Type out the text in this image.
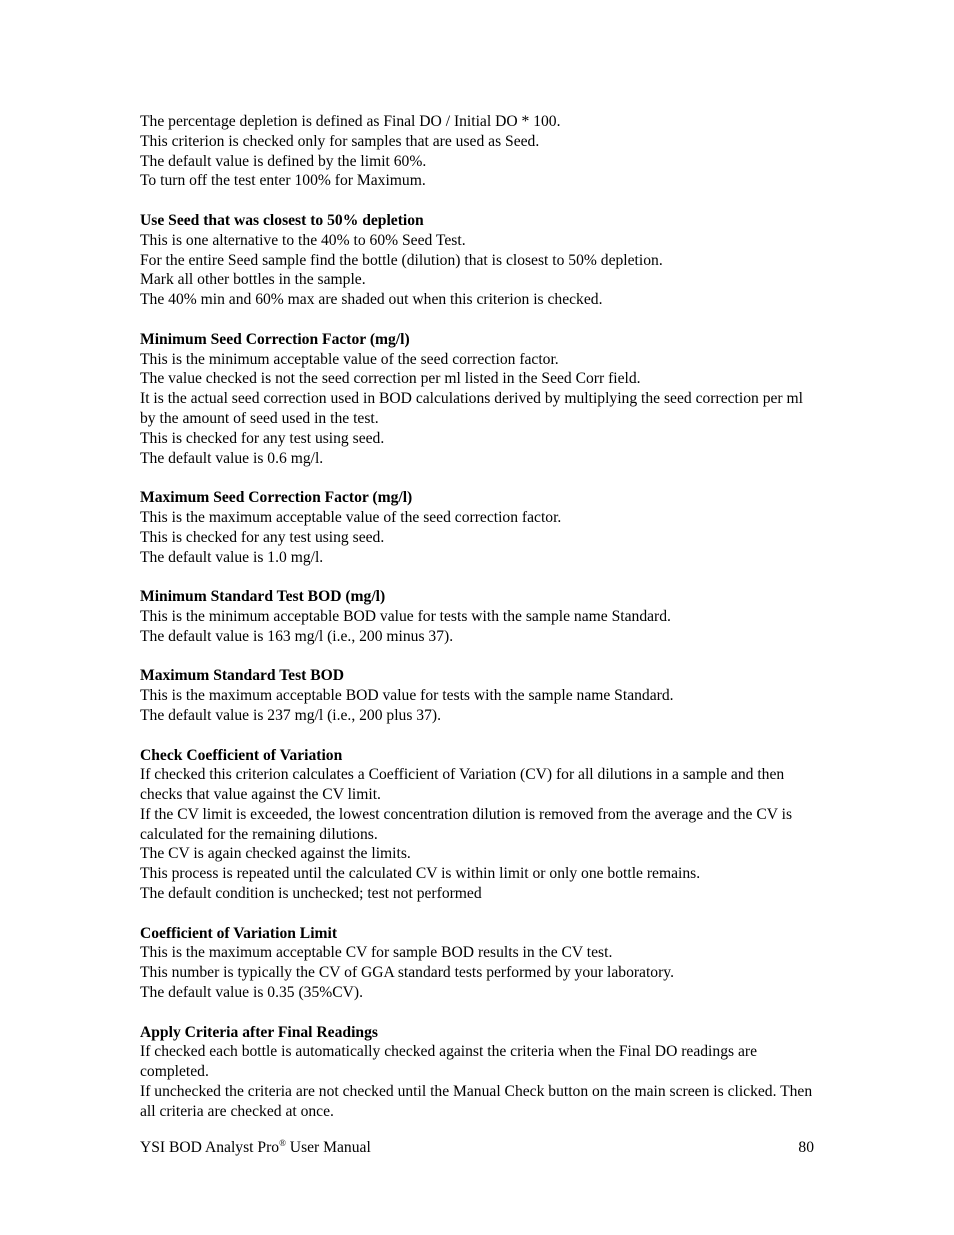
The percentage depletion is defined as Final DO / Initial DO * 100.

This criterion is checked only for samples that are used as Seed.

The default value is defined by the limit 60%.

To turn off the test enter 100% for Maximum.

Use Seed that was closest to 50% depletion

This is one alternative to the 40% to 60% Seed Test.

For the entire Seed sample find the bottle (dilution) that is closest to 50% depletion.

Mark all other bottles in the sample.

The 40% min and 60% max are shaded out when this criterion is checked.

Minimum Seed Correction Factor (mg/l)

This is the minimum acceptable value of the seed correction factor.

The value checked is not the seed correction per ml listed in the Seed Corr field.

It is the actual seed correction used in BOD calculations derived by multiplying the seed correction per ml by the amount of seed used in the test.

This is checked for any test using seed.

The default value is 0.6 mg/l.

Maximum Seed Correction Factor (mg/l)

This is the maximum acceptable value of the seed correction factor.

This is checked for any test using seed.

The default value is 1.0 mg/l.

Minimum Standard Test BOD (mg/l)

This is the minimum acceptable BOD value for tests with the sample name Standard.

The default value is 163 mg/l (i.e., 200 minus 37).

Maximum Standard Test BOD

This is the maximum acceptable BOD value for tests with the sample name Standard.

The default value is 237 mg/l (i.e., 200 plus 37).

Check Coefficient of Variation

If checked this criterion calculates a Coefficient of Variation (CV) for all dilutions in a sample and then checks that value against the CV limit.

If the CV limit is exceeded, the lowest concentration dilution is removed from the average and the CV is calculated for the remaining dilutions.

The CV is again checked against the limits.

This process is repeated until the calculated CV is within limit or only one bottle remains.

The default condition is unchecked; test not performed

Coefficient of Variation Limit

This is the maximum acceptable CV for sample BOD results in the CV test.

This number is typically the CV of GGA standard tests performed by your laboratory.

The default value is 0.35 (35%CV).

Apply Criteria after Final Readings

If checked each bottle is automatically checked against the criteria when the Final DO readings are completed.

If unchecked the criteria are not checked until the Manual Check button on the main screen is clicked. Then all criteria are checked at once.

YSI BOD Analyst Pro® User Manual	80
